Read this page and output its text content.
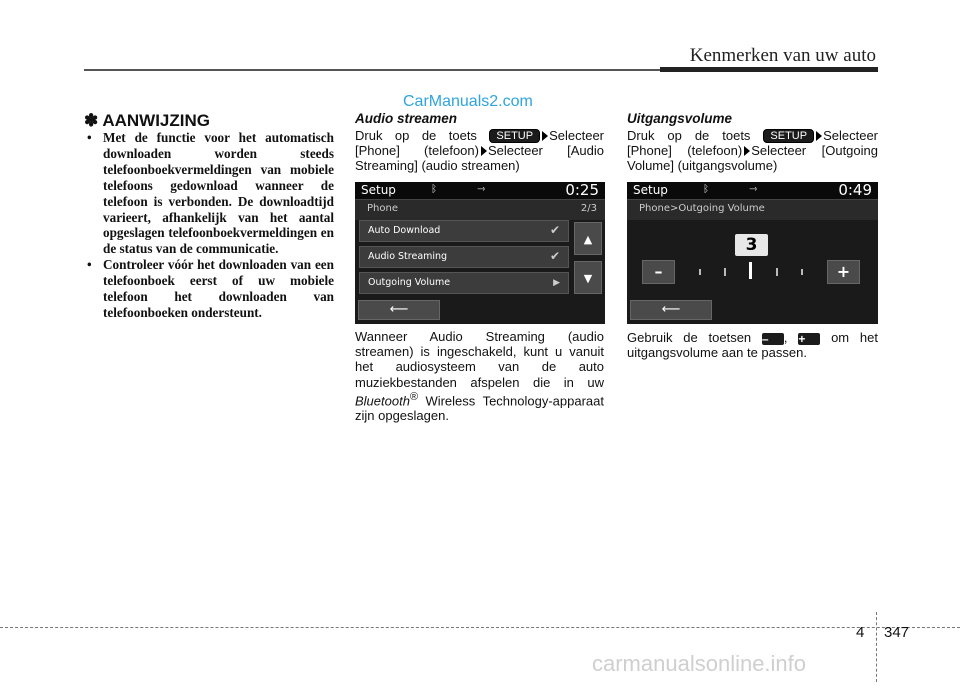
Kenmerken van uw auto
CarManuals2.com
✽ AANWIJZING
• Met de functie voor het automatisch downloaden worden steeds telefoonboekvermeldingen van mobiele telefoons gedownload wanneer de telefoon is verbonden. De downloadtijd varieert, afhankelijk van het aantal opgeslagen telefoonboekvermeldingen en de status van de communicatie.
• Controleer vóór het downloaden van een telefoonboek eerst of uw mobiele telefoon het downloaden van telefoonboeken ondersteunt.
Audio streamen
Druk op de toets SETUP Selecteer [Phone] (telefoon) Selecteer [Audio Streaming] (audio streamen)
Setup	ᛒ	⇾	0:25
Phone	2/3
Auto Download	✔
Audio Streaming	✔
Outgoing Volume	▶
▲
▼
⟵
Wanneer Audio Streaming (audio streamen) is ingeschakeld, kunt u vanuit het audiosysteem van de auto muziekbestanden afspelen die in uw Bluetooth® Wireless Technology-apparaat zijn opgeslagen.
Uitgangsvolume
Druk op de toets SETUP Selecteer [Phone] (telefoon) Selecteer [Outgoing Volume] (uitgangsvolume)
Setup	ᛒ	⇾	0:49
Phone>Outgoing Volume
3
–	+
⟵
Gebruik de toetsen – , + om het uitgangsvolume aan te passen.
4 347
carmanualsonline.info
